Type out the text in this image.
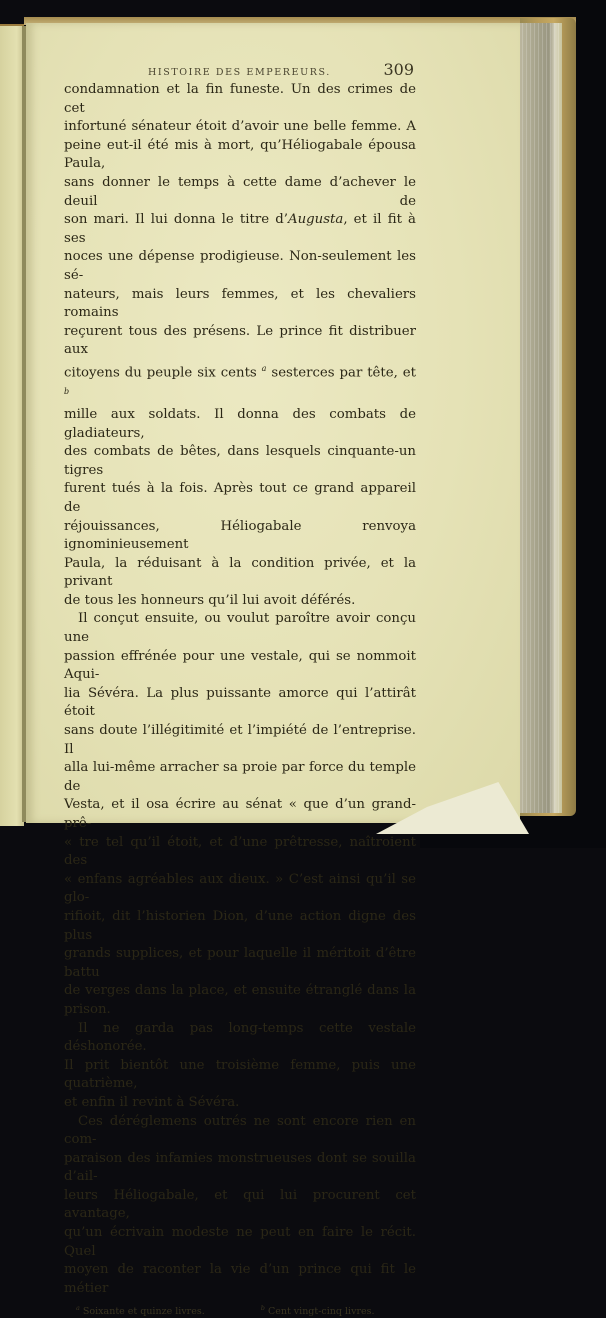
HISTOIRE DES EMPEREURS.	309

condamnation et la fin funeste. Un des crimes de cet

infortuné sénateur étoit d’avoir une belle femme. A

peine eut-il été mis à mort, qu’Héliogabale épousa Paula,

sans donner le temps à cette dame d’achever le deuil de

son mari. Il lui donna le titre d’Augusta, et il fit à ses

noces une dépense prodigieuse. Non-seulement les sé-

nateurs, mais leurs femmes, et les chevaliers romains

reçurent tous des présens. Le prince fit distribuer aux

citoyens du peuple six cents $^a$ sesterces par tête, et $^b$

mille aux soldats. Il donna des combats de gladiateurs,

des combats de bêtes, dans lesquels cinquante-un tigres

furent tués à la fois. Après tout ce grand appareil de

réjouissances, Héliogabale renvoya ignominieusement

Paula, la réduisant à la condition privée, et la privant

de tous les honneurs qu’il lui avoit déférés.

Il conçut ensuite, ou voulut paroître avoir conçu une

passion effrénée pour une vestale, qui se nommoit Aqui-

lia Sévéra. La plus puissante amorce qui l’attirât étoit

sans doute l’illégitimité et l’impiété de l’entreprise. Il

alla lui-même arracher sa proie par force du temple de

Vesta, et il osa écrire au sénat « que d’un grand-prê-

« tre tel qu’il étoit, et d’une prêtresse, naîtroient des

« enfans agréables aux dieux. » C’est ainsi qu’il se glo-

rifioit, dit l’historien Dion, d’une action digne des plus

grands supplices, et pour laquelle il méritoit d’être battu

de verges dans la place, et ensuite étranglé dans la

prison.

Il ne garda pas long-temps cette vestale déshonorée.

Il prit bientôt une troisième femme, puis une quatrième,

et enfin il revint à Sévéra.

Ces déréglemens outrés ne sont encore rien en com-

paraison des infamies monstrueuses dont se souilla d’ail-

leurs Héliogabale, et qui lui procurent cet avantage,

qu’un écrivain modeste ne peut en faire le récit. Quel

moyen de raconter la vie d’un prince qui fit le métier

$^a$ Soixante et quinze livres.	$^b$ Cent vingt-cinq livres.
